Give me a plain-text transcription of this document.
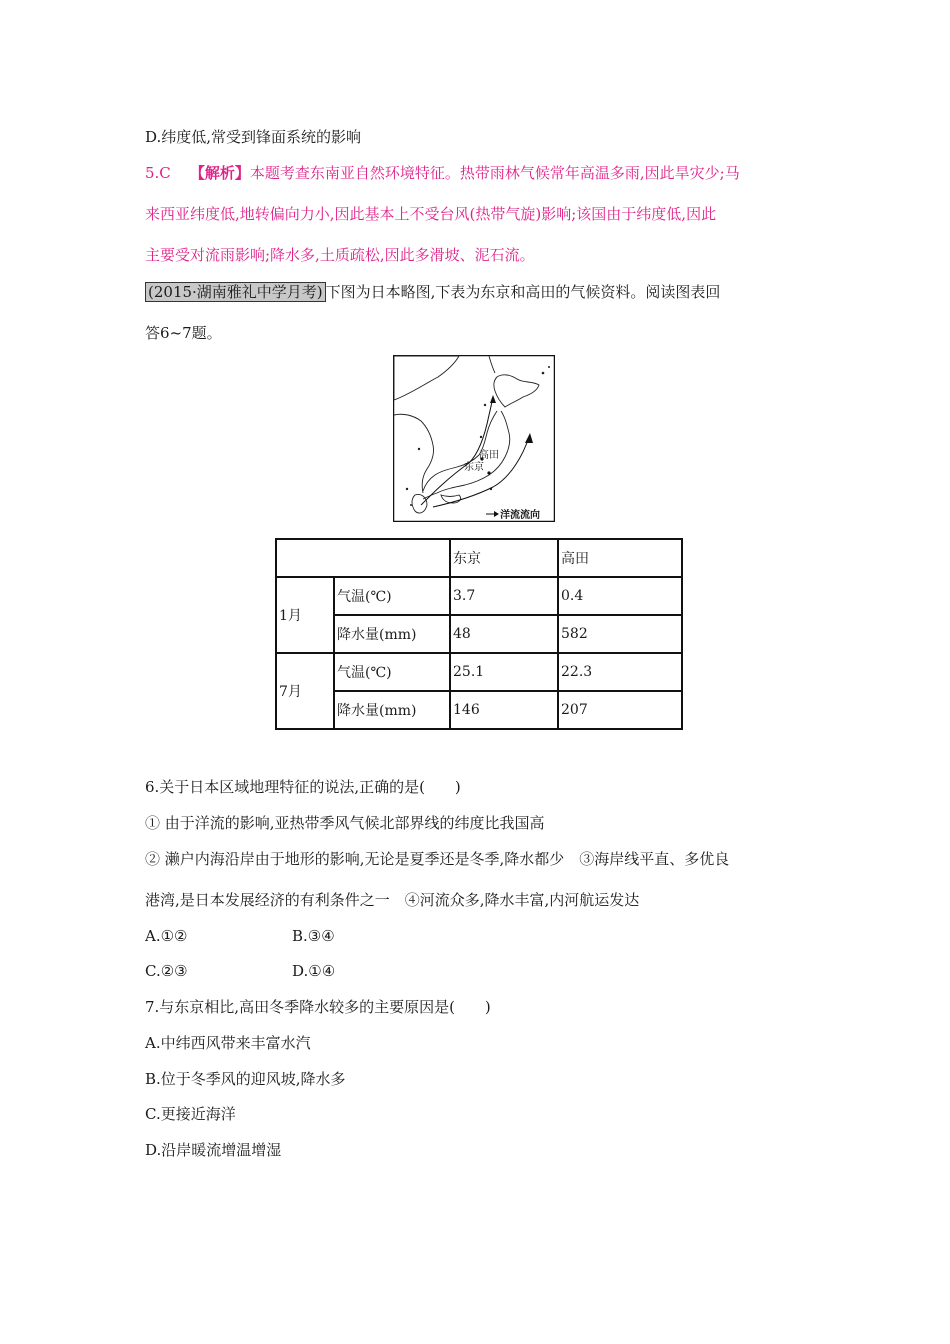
D.纬度低,常受到锋面系统的影响
5.C 【解析】本题考查东南亚自然环境特征。热带雨林气候常年高温多雨,因此旱灾少;马
来西亚纬度低,地转偏向力小,因此基本上不受台风(热带气旋)影响;该国由于纬度低,因此
主要受对流雨影响;降水多,土质疏松,因此多滑坡、泥石流。
(2015·湖南雅礼中学月考) 下图为日本略图,下表为东京和高田的气候资料。阅读图表回
答6~7题。
高田
东京
洋流流向
		东京	高田
1月	气温(℃)	3.7	0.4
	降水量(mm)	48	582
7月	气温(℃)	25.1	22.3
	降水量(mm)	146	207
6.关于日本区域地理特征的说法,正确的是(　　)
① 由于洋流的影响,亚热带季风气候北部界线的纬度比我国高
② 濑户内海沿岸由于地形的影响,无论是夏季还是冬季,降水都少　③海岸线平直、多优良
港湾,是日本发展经济的有利条件之一　④河流众多,降水丰富,内河航运发达
A.①②	B.③④
C.②③	D.①④
7.与东京相比,高田冬季降水较多的主要原因是(　　)
A.中纬西风带来丰富水汽
B.位于冬季风的迎风坡,降水多
C.更接近海洋
D.沿岸暖流增温增湿
